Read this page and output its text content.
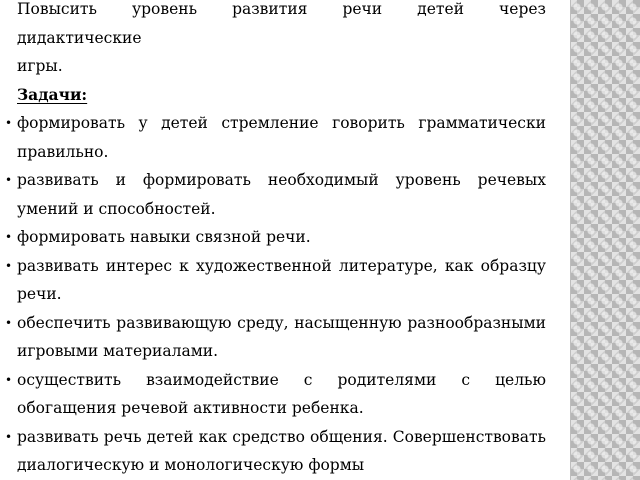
Повысить уровень развития речи детей через
дидактические
игры.
Задачи:
• формировать у детей стремление говорить грамматически правильно.
• развивать и формировать необходимый уровень речевых умений и способностей.
• формировать навыки связной речи.
• развивать интерес к художественной литературе, как образцу речи.
• обеспечить развивающую среду, насыщенную разнообразными игровыми материалами.
• осуществить взаимодействие с родителями с целью обогащения речевой активности ребенка.
• развивать речь детей как средство общения. Совершенствовать диалогическую и монологическую формы
